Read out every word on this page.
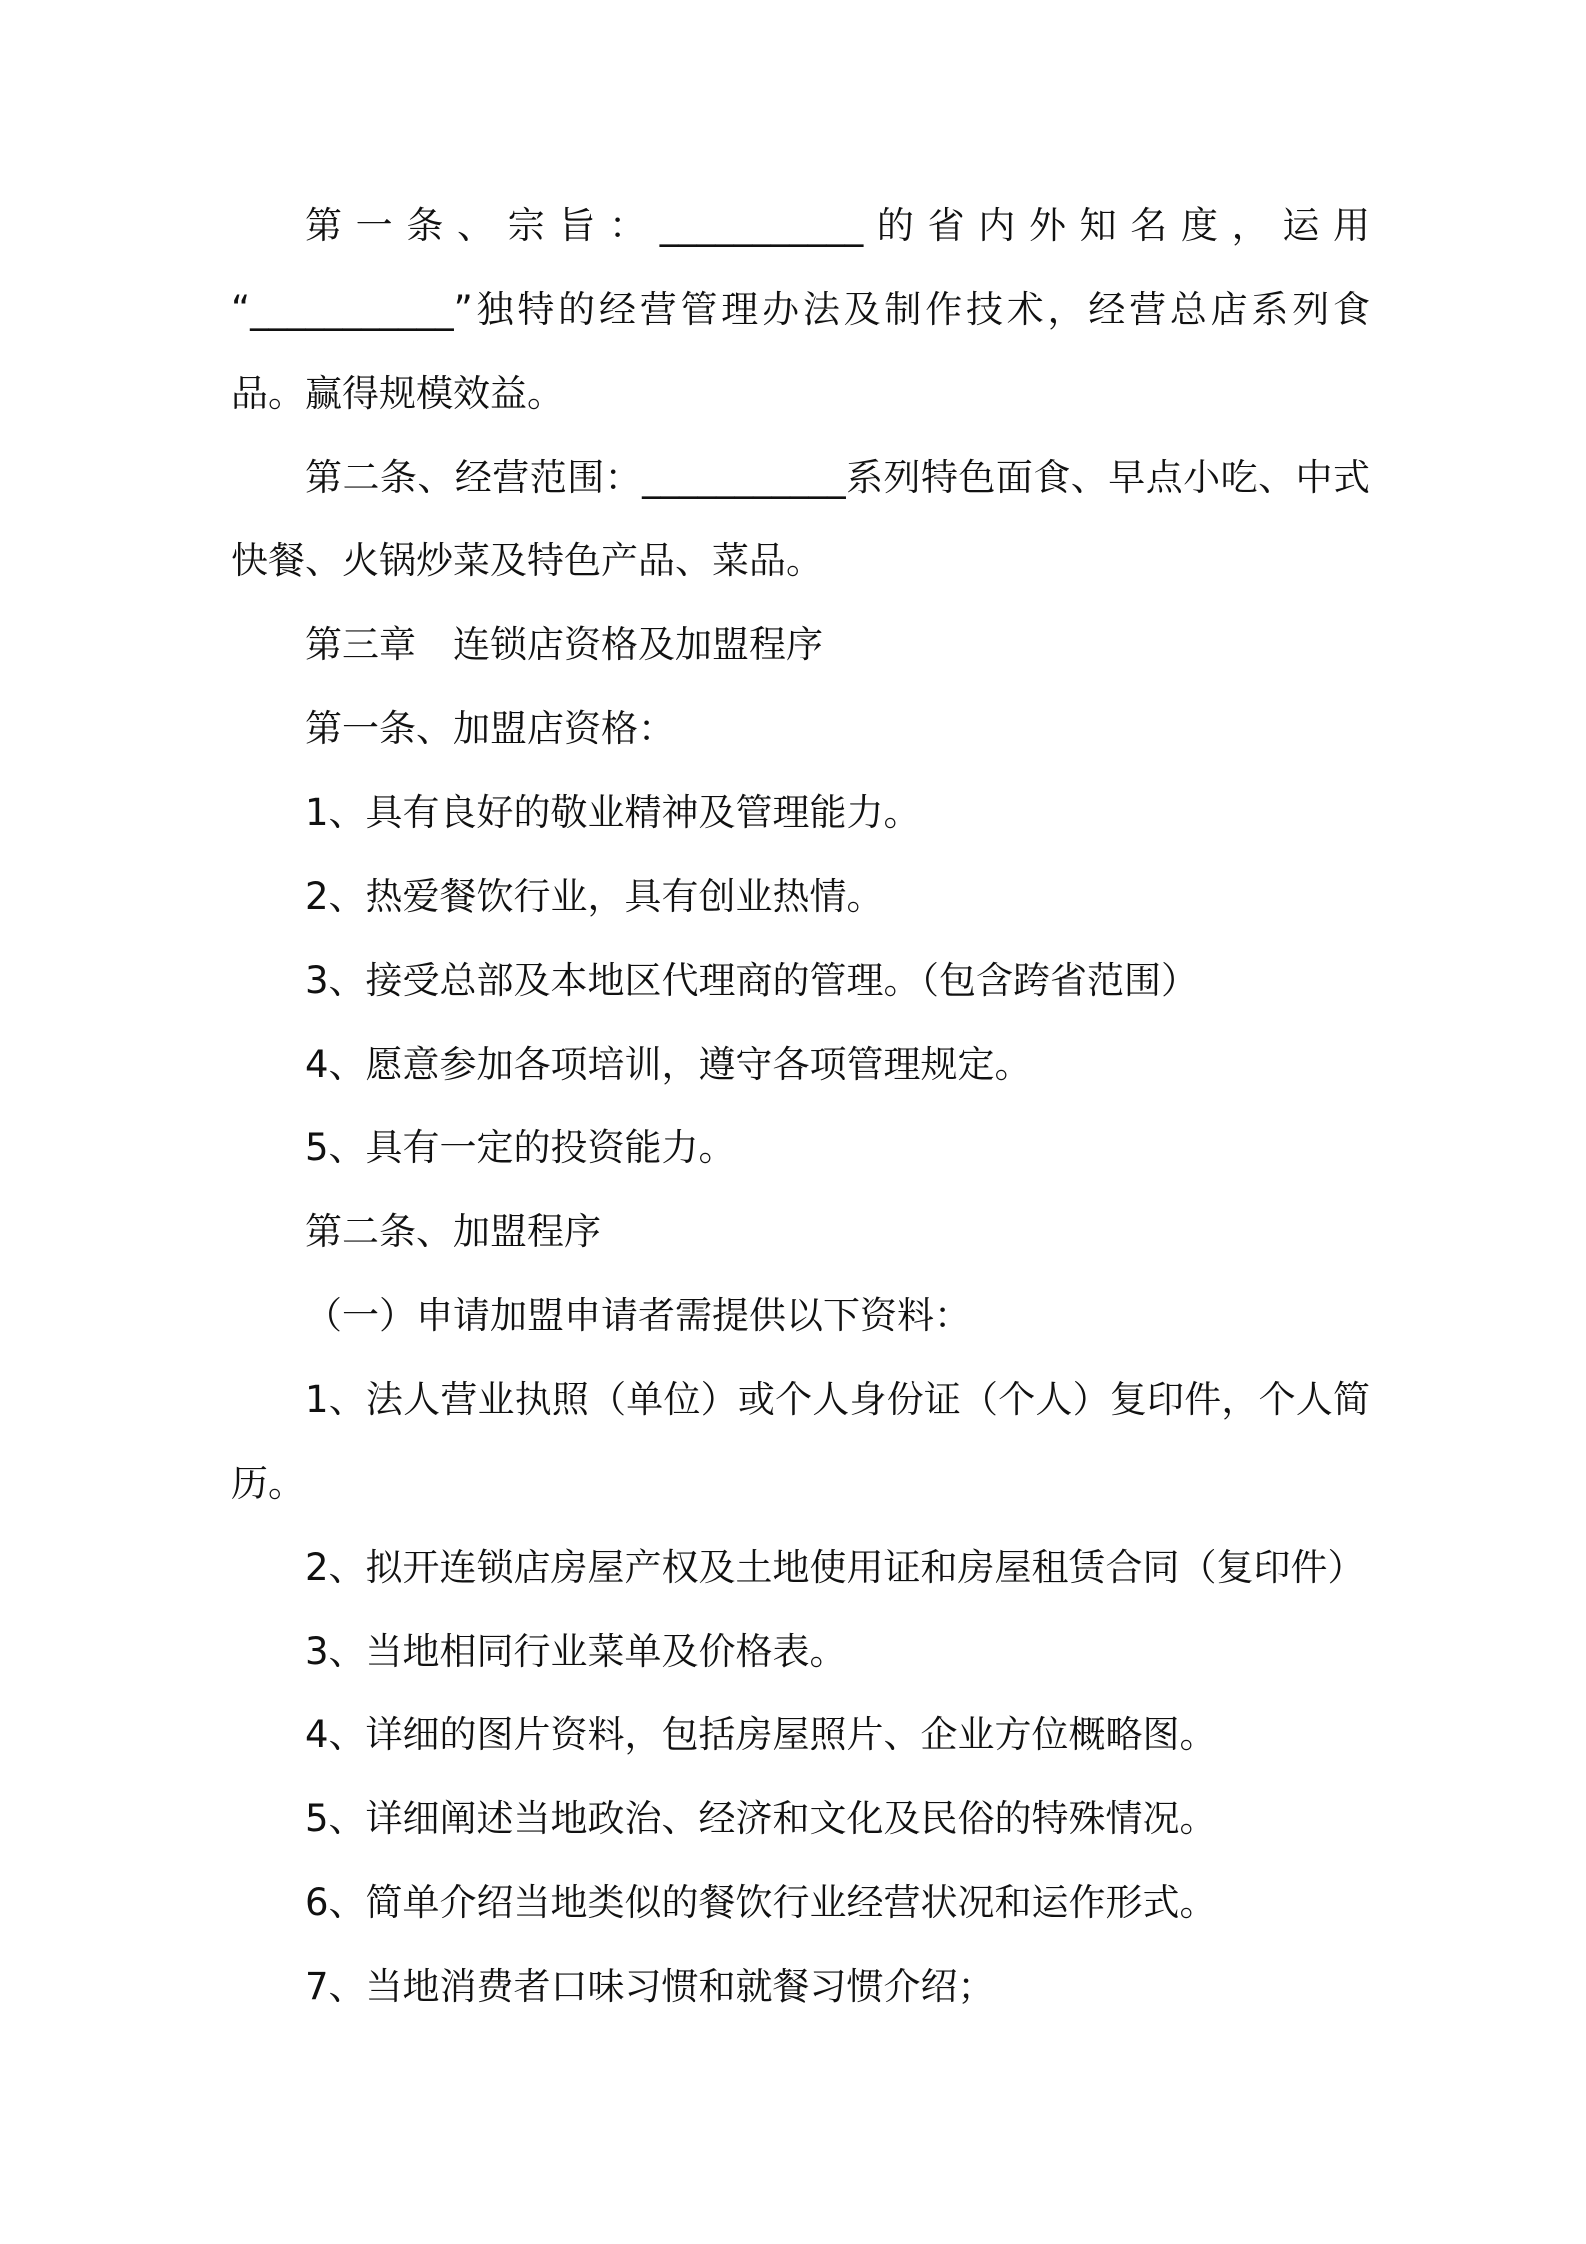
第一条、宗旨：___________的省内外知名度，运用
“___________”独特的经营管理办法及制作技术，经营总店系列食
品。赢得规模效益。
第二条、经营范围：___________系列特色面食、早点小吃、中式
快餐、火锅炒菜及特色产品、菜品。
第三章　连锁店资格及加盟程序
第一条、加盟店资格：
1、具有良好的敬业精神及管理能力。
2、热爱餐饮行业，具有创业热情。
3、接受总部及本地区代理商的管理。（包含跨省范围）
4、愿意参加各项培训，遵守各项管理规定。
5、具有一定的投资能力。
第二条、加盟程序
（一）申请加盟申请者需提供以下资料：
1、法人营业执照（单位）或个人身份证（个人）复印件，个人简
历。
2、拟开连锁店房屋产权及土地使用证和房屋租赁合同（复印件）
3、当地相同行业菜单及价格表。
4、详细的图片资料，包括房屋照片、企业方位概略图。
5、详细阐述当地政治、经济和文化及民俗的特殊情况。
6、简单介绍当地类似的餐饮行业经营状况和运作形式。
7、当地消费者口味习惯和就餐习惯介绍；
